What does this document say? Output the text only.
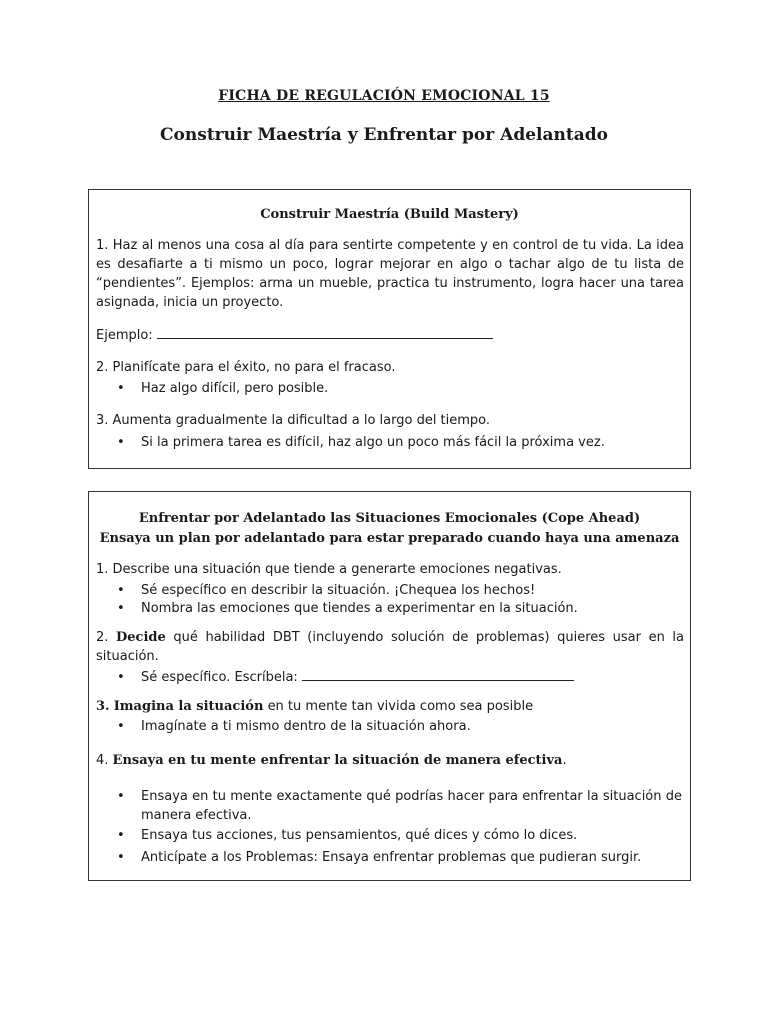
FICHA DE REGULACIÓN EMOCIONAL 15
Construir Maestría y Enfrentar por Adelantado
Construir Maestría (Build Mastery)
1. Haz al menos una cosa al día para sentirte competente y en control de tu vida. La idea es desafiarte a ti mismo un poco, lograr mejorar en algo o tachar algo de tu lista de “pendientes”. Ejemplos: arma un mueble, practica tu instrumento, logra hacer una tarea asignada, inicia un proyecto.
Ejemplo:
2. Planifícate para el éxito, no para el fracaso.
• Haz algo difícil, pero posible.
3. Aumenta gradualmente la dificultad a lo largo del tiempo.
• Si la primera tarea es difícil, haz algo un poco más fácil la próxima vez.
Enfrentar por Adelantado las Situaciones Emocionales (Cope Ahead)
Ensaya un plan por adelantado para estar preparado cuando haya una amenaza
1. Describe una situación que tiende a generarte emociones negativas.
• Sé específico en describir la situación. ¡Chequea los hechos!
• Nombra las emociones que tiendes a experimentar en la situación.
2. Decide qué habilidad DBT (incluyendo solución de problemas) quieres usar en la situación.
• Sé específico. Escríbela:
3. Imagina la situación en tu mente tan vivida como sea posible
• Imagínate a ti mismo dentro de la situación ahora.
4. Ensaya en tu mente enfrentar la situación de manera efectiva.
• Ensaya en tu mente exactamente qué podrías hacer para enfrentar la situación de manera efectiva.
• Ensaya tus acciones, tus pensamientos, qué dices y cómo lo dices.
• Anticípate a los Problemas: Ensaya enfrentar problemas que pudieran surgir.
